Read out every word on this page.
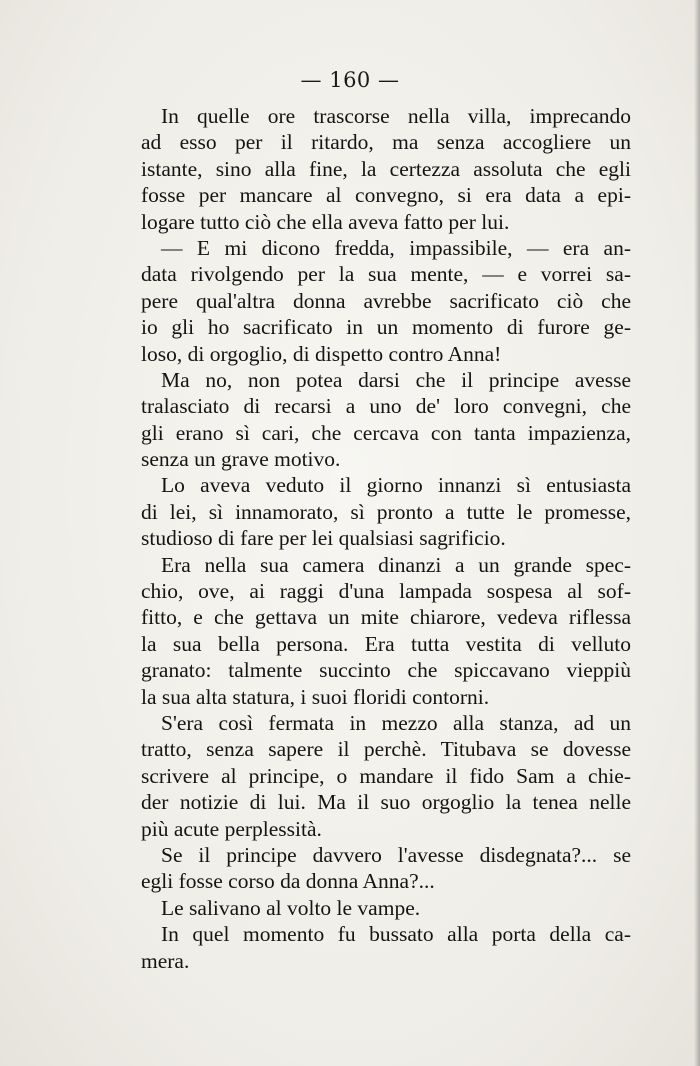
— 160 —
In quelle ore trascorse nella villa, imprecando
ad esso per il ritardo, ma senza accogliere un
istante, sino alla fine, la certezza assoluta che egli
fosse per mancare al convegno, si era data a epi-
logare tutto ciò che ella aveva fatto per lui.
— E mi dicono fredda, impassibile, — era an-
data rivolgendo per la sua mente, — e vorrei sa-
pere qual'altra donna avrebbe sacrificato ciò che
io gli ho sacrificato in un momento di furore ge-
loso, di orgoglio, di dispetto contro Anna!
Ma no, non potea darsi che il principe avesse
tralasciato di recarsi a uno de' loro convegni, che
gli erano sì cari, che cercava con tanta impazienza,
senza un grave motivo.
Lo aveva veduto il giorno innanzi sì entusiasta
di lei, sì innamorato, sì pronto a tutte le promesse,
studioso di fare per lei qualsiasi sagrificio.
Era nella sua camera dinanzi a un grande spec-
chio, ove, ai raggi d'una lampada sospesa al sof-
fitto, e che gettava un mite chiarore, vedeva riflessa
la sua bella persona. Era tutta vestita di velluto
granato: talmente succinto che spiccavano vieppiù
la sua alta statura, i suoi floridi contorni.
S'era così fermata in mezzo alla stanza, ad un
tratto, senza sapere il perchè. Titubava se dovesse
scrivere al principe, o mandare il fido Sam a chie-
der notizie di lui. Ma il suo orgoglio la tenea nelle
più acute perplessità.
Se il principe davvero l'avesse disdegnata?... se
egli fosse corso da donna Anna?...
Le salivano al volto le vampe.
In quel momento fu bussato alla porta della ca-
mera.
